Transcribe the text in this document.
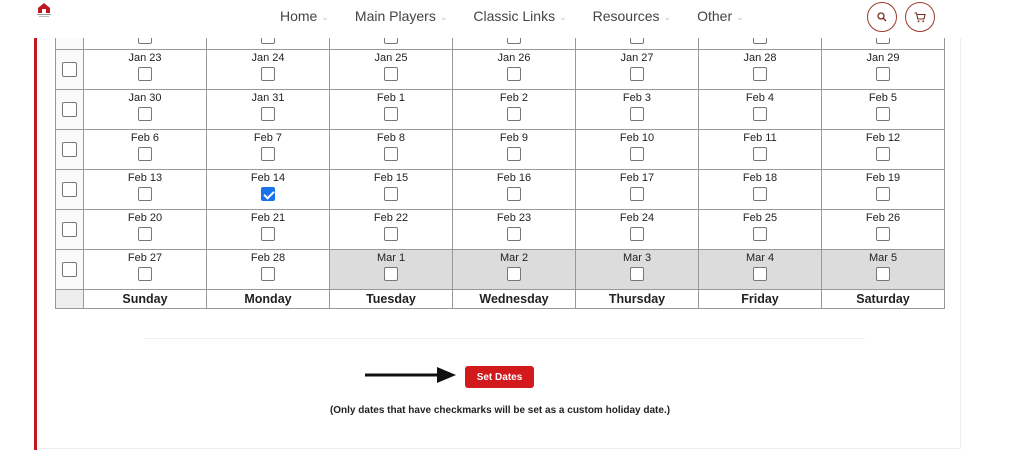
Home ⌄ Main Players ⌄ Classic Links ⌄ Resources ⌄ Other ⌄

	Jan 23	Jan 24	Jan 25	Jan 26	Jan 27	Jan 28	Jan 29

	Jan 30	Jan 31	Feb 1	Feb 2	Feb 3	Feb 4	Feb 5

	Feb 6	Feb 7	Feb 8	Feb 9	Feb 10	Feb 11	Feb 12

	Feb 13	Feb 14	Feb 15	Feb 16	Feb 17	Feb 18	Feb 19

	Feb 20	Feb 21	Feb 22	Feb 23	Feb 24	Feb 25	Feb 26

	Feb 27	Feb 28	Mar 1	Mar 2	Mar 3	Mar 4	Mar 5

	Sunday	Monday	Tuesday	Wednesday	Thursday	Friday	Saturday
Set Dates
(Only dates that have checkmarks will be set as a custom holiday date.)
